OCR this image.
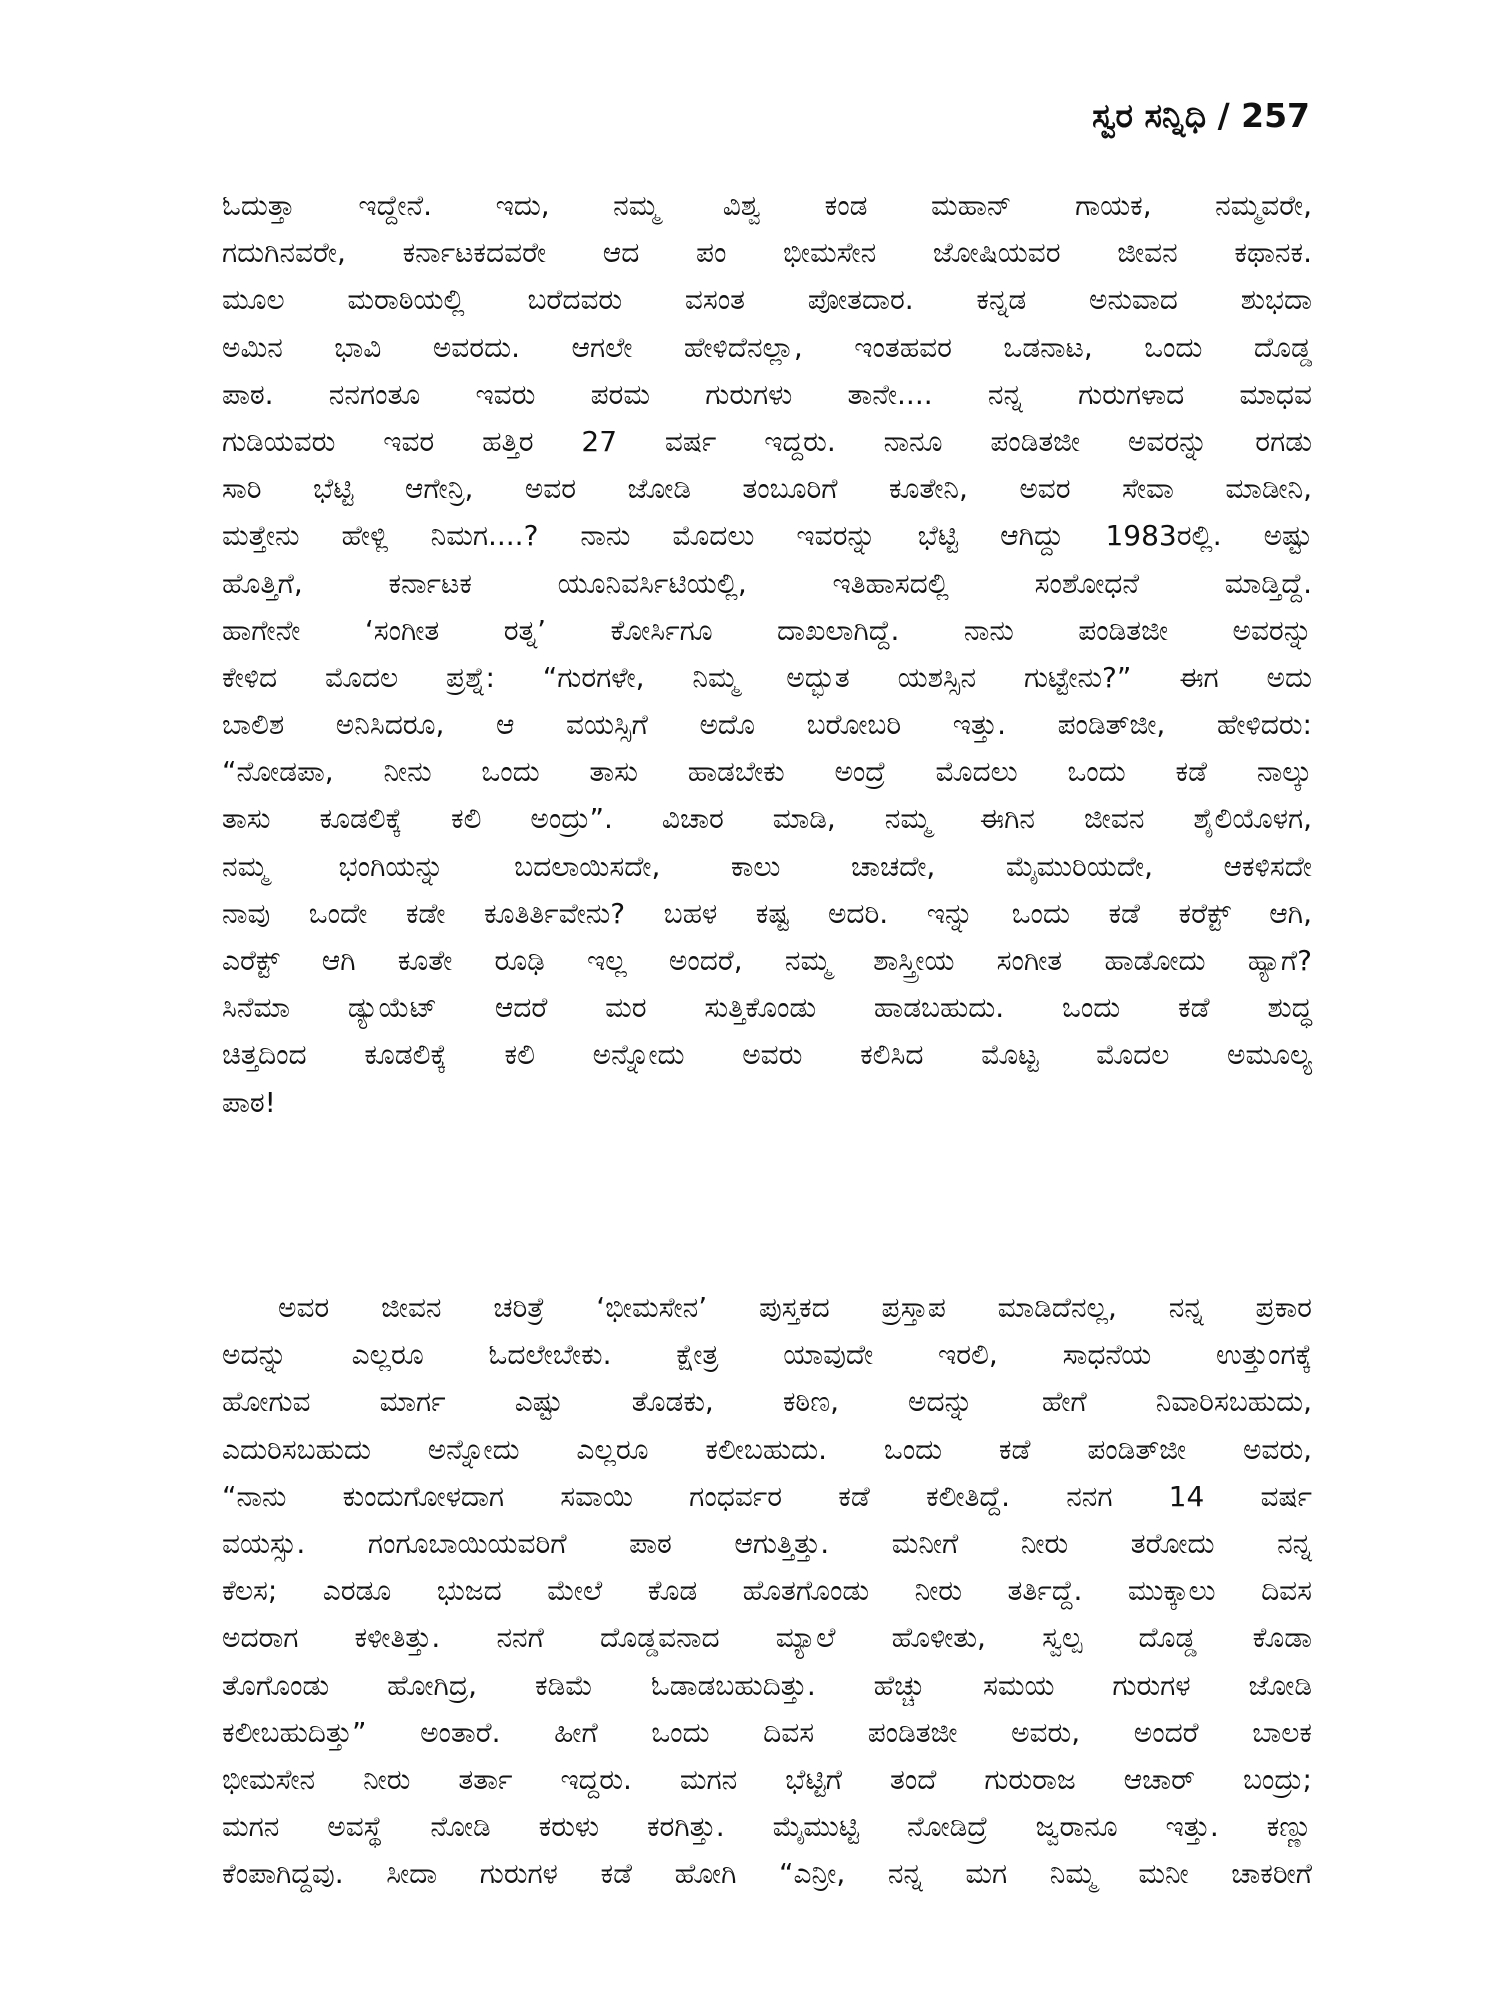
ಸ್ವರ ಸನ್ನಿಧಿ / 257
ಓದುತ್ತಾ ಇದ್ದೇನೆ. ಇದು, ನಮ್ಮ ವಿಶ್ವ ಕಂಡ ಮಹಾನ್ ಗಾಯಕ, ನಮ್ಮವರೇ,
ಗದುಗಿನವರೇ, ಕರ್ನಾಟಕದವರೇ ಆದ ಪಂ ಭೀಮಸೇನ ಜೋಷಿಯವರ ಜೀವನ ಕಥಾನಕ.
ಮೂಲ ಮರಾಠಿಯಲ್ಲಿ ಬರೆದವರು ವಸಂತ ಪೋತದಾರ. ಕನ್ನಡ ಅನುವಾದ ಶುಭದಾ
ಅಮಿನ ಭಾವಿ ಅವರದು. ಆಗಲೇ ಹೇಳಿದೆನಲ್ಲಾ, ಇಂತಹವರ ಒಡನಾಟ, ಒಂದು ದೊಡ್ಡ
ಪಾಠ. ನನಗಂತೂ ಇವರು ಪರಮ ಗುರುಗಳು ತಾನೇ.... ನನ್ನ ಗುರುಗಳಾದ ಮಾಧವ
ಗುಡಿಯವರು ಇವರ ಹತ್ತಿರ 27 ವರ್ಷ ಇದ್ದರು. ನಾನೂ ಪಂಡಿತಜೀ ಅವರನ್ನು ರಗಡು
ಸಾರಿ ಭೆಟ್ಟಿ ಆಗೇನ್ರಿ, ಅವರ ಜೋಡಿ ತಂಬೂರಿಗೆ ಕೂತೇನಿ, ಅವರ ಸೇವಾ ಮಾಡೀನಿ,
ಮತ್ತೇನು ಹೇಳ್ಲಿ ನಿಮಗ....? ನಾನು ಮೊದಲು ಇವರನ್ನು ಭೆಟ್ಟಿ ಆಗಿದ್ದು 1983ರಲ್ಲಿ. ಅಷ್ಟು
ಹೊತ್ತಿಗೆ, ಕರ್ನಾಟಕ ಯೂನಿವರ್ಸಿಟಿಯಲ್ಲಿ, ಇತಿಹಾಸದಲ್ಲಿ ಸಂಶೋಧನೆ ಮಾಡ್ತಿದ್ದೆ.
ಹಾಗೇನೇ ‘ಸಂಗೀತ ರತ್ನ’ ಕೋರ್ಸಿಗೂ ದಾಖಲಾಗಿದ್ದೆ. ನಾನು ಪಂಡಿತಜೀ ಅವರನ್ನು
ಕೇಳಿದ ಮೊದಲ ಪ್ರಶ್ನೆ: “ಗುರಗಳೇ, ನಿಮ್ಮ ಅದ್ಭುತ ಯಶಸ್ಸಿನ ಗುಟ್ಟೇನು?” ಈಗ ಅದು
ಬಾಲಿಶ ಅನಿಸಿದರೂ, ಆ ವಯಸ್ಸಿಗೆ ಅದೊ ಬರೋಬರಿ ಇತ್ತು. ಪಂಡಿತ್‌ಜೀ, ಹೇಳಿದರು:
“ನೋಡಪಾ, ನೀನು ಒಂದು ತಾಸು ಹಾಡಬೇಕು ಅಂದ್ರೆ ಮೊದಲು ಒಂದು ಕಡೆ ನಾಲ್ಕು
ತಾಸು ಕೂಡಲಿಕ್ಕೆ ಕಲಿ ಅಂದ್ರು”. ವಿಚಾರ ಮಾಡಿ, ನಮ್ಮ ಈಗಿನ ಜೀವನ ಶೈಲಿಯೊಳಗ,
ನಮ್ಮ ಭಂಗಿಯನ್ನು ಬದಲಾಯಿಸದೇ, ಕಾಲು ಚಾಚದೇ, ಮೈಮುರಿಯದೇ, ಆಕಳಿಸದೇ
ನಾವು ಒಂದೇ ಕಡೇ ಕೂತಿರ್ತಿವೇನು? ಬಹಳ ಕಷ್ಟ ಅದರಿ. ಇನ್ನು ಒಂದು ಕಡೆ ಕರೆಕ್ಟ್ ಆಗಿ,
ಎರೆಕ್ಟ್ ಆಗಿ ಕೂತೇ ರೂಢಿ ಇಲ್ಲ ಅಂದರೆ, ನಮ್ಮ ಶಾಸ್ತ್ರೀಯ ಸಂಗೀತ ಹಾಡೋದು ಹ್ಯಾಗೆ?
ಸಿನೆಮಾ ಡ್ಯುಯೆಟ್ ಆದರೆ ಮರ ಸುತ್ತಿಕೊಂಡು ಹಾಡಬಹುದು. ಒಂದು ಕಡೆ ಶುದ್ಧ
ಚಿತ್ತದಿಂದ ಕೂಡಲಿಕ್ಕೆ ಕಲಿ ಅನ್ನೋದು ಅವರು ಕಲಿಸಿದ ಮೊಟ್ಟ ಮೊದಲ ಅಮೂಲ್ಯ
ಪಾಠ!
ಅವರ ಜೀವನ ಚರಿತ್ರೆ ‘ಭೀಮಸೇನ’ ಪುಸ್ತಕದ ಪ್ರಸ್ತಾಪ ಮಾಡಿದೆನಲ್ಲ, ನನ್ನ ಪ್ರಕಾರ
ಅದನ್ನು ಎಲ್ಲರೂ ಓದಲೇಬೇಕು. ಕ್ಷೇತ್ರ ಯಾವುದೇ ಇರಲಿ, ಸಾಧನೆಯ ಉತ್ತುಂಗಕ್ಕೆ
ಹೋಗುವ ಮಾರ್ಗ ಎಷ್ಟು ತೊಡಕು, ಕಠಿಣ, ಅದನ್ನು ಹೇಗೆ ನಿವಾರಿಸಬಹುದು,
ಎದುರಿಸಬಹುದು ಅನ್ನೋದು ಎಲ್ಲರೂ ಕಲೀಬಹುದು. ಒಂದು ಕಡೆ ಪಂಡಿತ್‌ಜೀ ಅವರು,
“ನಾನು ಕುಂದುಗೋಳದಾಗ ಸವಾಯಿ ಗಂಧರ್ವರ ಕಡೆ ಕಲೀತಿದ್ದೆ. ನನಗ 14 ವರ್ಷ
ವಯಸ್ಸು. ಗಂಗೂಬಾಯಿಯವರಿಗೆ ಪಾಠ ಆಗುತ್ತಿತ್ತು. ಮನೀಗೆ ನೀರು ತರೋದು ನನ್ನ
ಕೆಲಸ; ಎರಡೂ ಭುಜದ ಮೇಲೆ ಕೊಡ ಹೊತಗೊಂಡು ನೀರು ತರ್ತಿದ್ದೆ. ಮುಕ್ಕಾಲು ದಿವಸ
ಅದರಾಗ ಕಳೀತಿತ್ತು. ನನಗೆ ದೊಡ್ಡವನಾದ ಮ್ಯಾಲೆ ಹೊಳೀತು, ಸ್ವಲ್ಪ ದೊಡ್ಡ ಕೊಡಾ
ತೊಗೊಂಡು ಹೋಗಿದ್ರ, ಕಡಿಮೆ ಓಡಾಡಬಹುದಿತ್ತು. ಹೆಚ್ಚು ಸಮಯ ಗುರುಗಳ ಜೋಡಿ
ಕಲೀಬಹುದಿತ್ತು” ಅಂತಾರೆ. ಹೀಗೆ ಒಂದು ದಿವಸ ಪಂಡಿತಜೀ ಅವರು, ಅಂದರೆ ಬಾಲಕ
ಭೀಮಸೇನ ನೀರು ತರ್ತಾ ಇದ್ದರು. ಮಗನ ಭೆಟ್ಟಿಗೆ ತಂದೆ ಗುರುರಾಜ ಆಚಾರ್ ಬಂದ್ರು;
ಮಗನ ಅವಸ್ಥೆ ನೋಡಿ ಕರುಳು ಕರಗಿತ್ತು. ಮೈಮುಟ್ಟಿ ನೋಡಿದ್ರೆ ಜ್ವರಾನೂ ಇತ್ತು. ಕಣ್ಣು
ಕೆಂಪಾಗಿದ್ದವು. ಸೀದಾ ಗುರುಗಳ ಕಡೆ ಹೋಗಿ “ಎನ್ರೀ, ನನ್ನ ಮಗ ನಿಮ್ಮ ಮನೀ ಚಾಕರೀಗೆ
